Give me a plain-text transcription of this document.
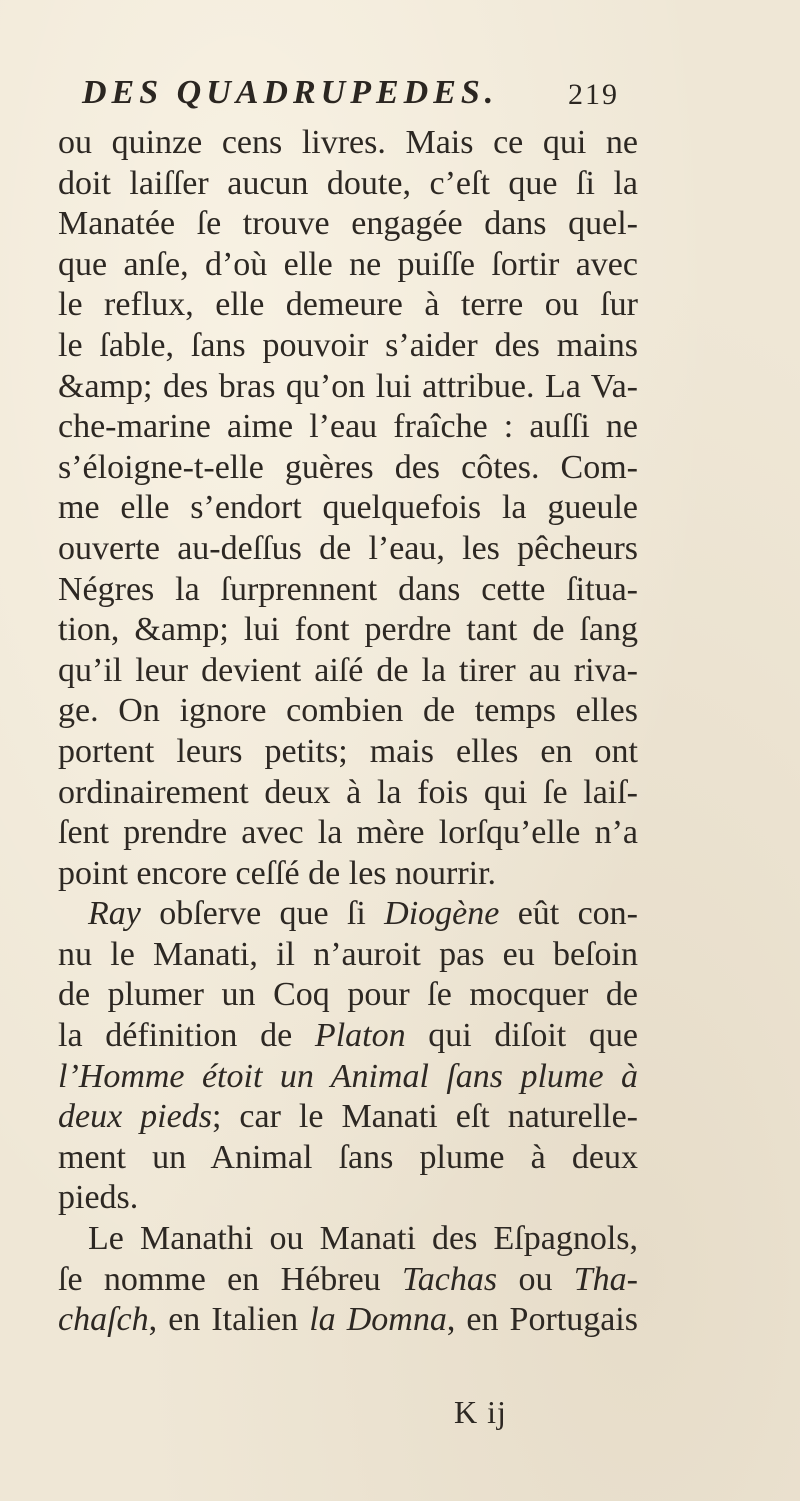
DES QUADRUPEDES. 219
ou quinze cens livres. Mais ce qui ne
doit laiſſer aucun doute, c’eſt que ſi la
Manatée ſe trouve engagée dans quel-
que anſe, d’où elle ne puiſſe ſortir avec
le reflux, elle demeure à terre ou ſur
le ſable, ſans pouvoir s’aider des mains
&amp; des bras qu’on lui attribue. La Va-
che-marine aime l’eau fraîche : auſſi ne
s’éloigne-t-elle guères des côtes. Com-
me elle s’endort quelquefois la gueule
ouverte au-deſſus de l’eau, les pêcheurs
Négres la ſurprennent dans cette ſitua-
tion, &amp; lui font perdre tant de ſang
qu’il leur devient aiſé de la tirer au riva-
ge. On ignore combien de temps elles
portent leurs petits; mais elles en ont
ordinairement deux à la fois qui ſe laiſ-
ſent prendre avec la mère lorſqu’elle n’a
point encore ceſſé de les nourrir.
Ray obſerve que ſi Diogène eût con-
nu le Manati, il n’auroit pas eu beſoin
de plumer un Coq pour ſe mocquer de
la définition de Platon qui diſoit que
l’Homme étoit un Animal ſans plume à
deux pieds; car le Manati eſt naturelle-
ment un Animal ſans plume à deux
pieds.
Le Manathi ou Manati des Eſpagnols,
ſe nomme en Hébreu Tachas ou Tha-
chaſch, en Italien la Domna, en Portugais
K ij
